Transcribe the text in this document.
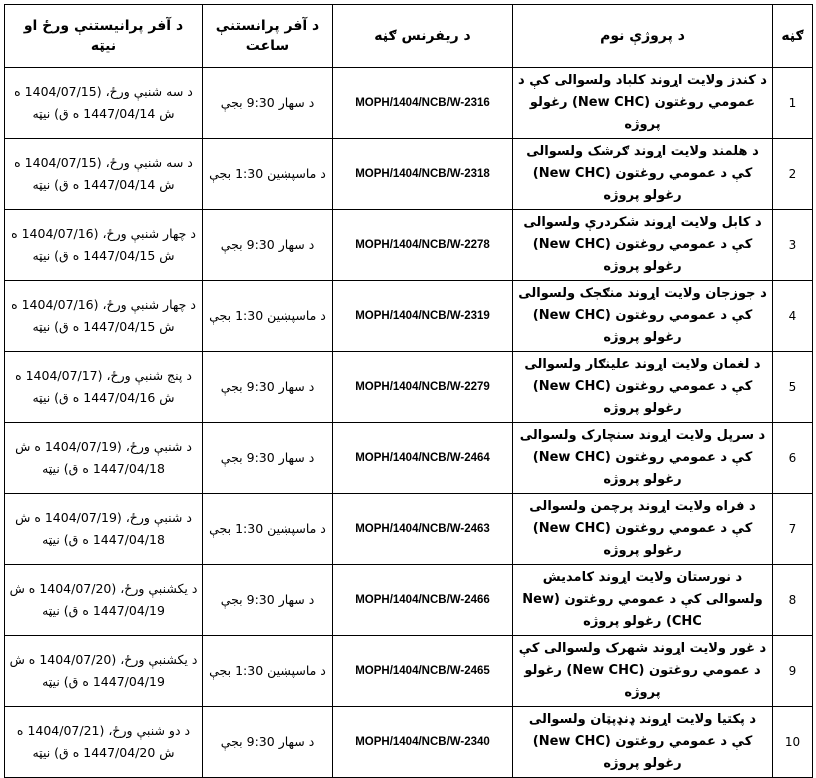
ګڼه	د پروژې نوم	د ریفرنس ګڼه	د آفر پرانستنې ساعت	د آفر پرانیستنې ورځ او نیټه
1	د کندز ولایت اړوند کلباد ولسوالی کې د عمومي روغتون (New CHC) رغولو پروژه	MOPH/1404/NCB/W-2316	د سهار 9:30 بجې	د سه شنبې ورځ، (1404/07/15 ه ش 1447/04/14 ه ق) نیټه
2	د هلمند ولایت اړوند ګرشک ولسوالی کې د عمومي روغتون (New CHC) رغولو پروژه	MOPH/1404/NCB/W-2318	د ماسپښین 1:30 بجې	د سه شنبې ورځ، (1404/07/15 ه ش 1447/04/14 ه ق) نیټه
3	د کابل ولایت اړوند شکردرې ولسوالی کې د عمومي روغتون (New CHC) رغولو پروژه	MOPH/1404/NCB/W-2278	د سهار 9:30 بجې	د چهار شنبې ورځ، (1404/07/16 ه ش 1447/04/15 ه ق) نیټه
4	د جوزجان ولایت اړوند منګجک ولسوالی کې د عمومي روغتون (New CHC) رغولو پروژه	MOPH/1404/NCB/W-2319	د ماسپښین 1:30 بجې	د چهار شنبې ورځ، (1404/07/16 ه ش 1447/04/15 ه ق) نیټه
5	د لغمان ولایت اړوند علینګار ولسوالی کې د عمومي روغتون (New CHC) رغولو پروژه	MOPH/1404/NCB/W-2279	د سهار 9:30 بجې	د پنج شنبې ورځ، (1404/07/17 ه ش 1447/04/16 ه ق) نیټه
6	د سرپل ولایت اړوند سنچارک ولسوالی کې د عمومي روغتون (New CHC) رغولو پروژه	MOPH/1404/NCB/W-2464	د سهار 9:30 بجې	د شنبې ورځ، (1404/07/19 ه ش 1447/04/18 ه ق) نیټه
7	د فراه ولایت اړوند پرچمن ولسوالی کې د عمومي روغتون (New CHC) رغولو پروژه	MOPH/1404/NCB/W-2463	د ماسپښین 1:30 بجې	د شنبې ورځ، (1404/07/19 ه ش 1447/04/18 ه ق) نیټه
8	د نورستان ولایت اړوند کامدیش ولسوالی کې د عمومي روغتون (New CHC) رغولو پروژه	MOPH/1404/NCB/W-2466	د سهار 9:30 بجې	د یکشنبې ورځ، (1404/07/20 ه ش 1447/04/19 ه ق) نیټه
9	د غور ولایت اړوند شهرک ولسوالی کې د عمومي روغتون (New CHC) رغولو پروژه	MOPH/1404/NCB/W-2465	د ماسپښین 1:30 بجې	د یکشنبې ورځ، (1404/07/20 ه ش 1447/04/19 ه ق) نیټه
10	د پکتیا ولایت اړوند ډنډپټان ولسوالی کې د عمومي روغتون (New CHC) رغولو پروژه	MOPH/1404/NCB/W-2340	د سهار 9:30 بجې	د دو شنبې ورځ، (1404/07/21 ه ش 1447/04/20 ه ق) نیټه
